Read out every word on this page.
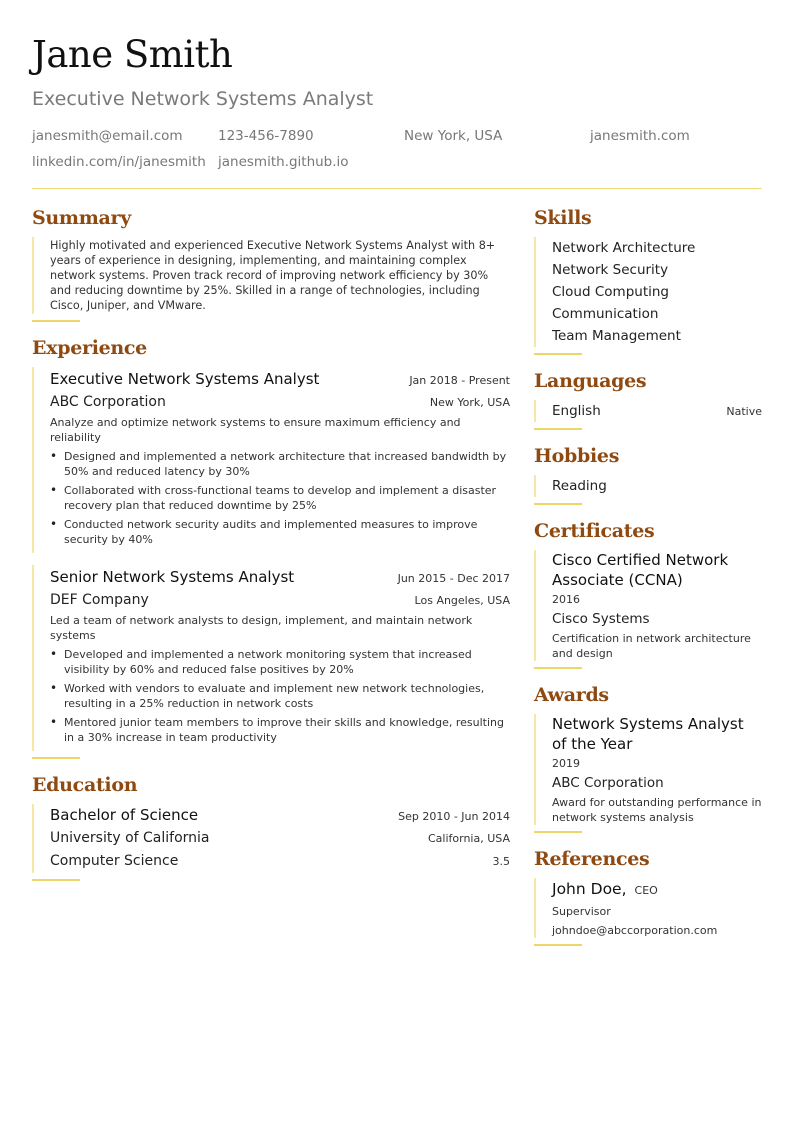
Jane Smith
Executive Network Systems Analyst
janesmith@email.com	123-456-7890	New York, USA	janesmith.com
linkedin.com/in/janesmith janesmith.github.io
Summary
Highly motivated and experienced Executive Network Systems Analyst with 8+ years of experience in designing, implementing, and maintaining complex network systems. Proven track record of improving network efficiency by 30% and reducing downtime by 25%. Skilled in a range of technologies, including Cisco, Juniper, and VMware.
Experience
Executive Network Systems Analyst	Jan 2018 - Present
ABC Corporation	New York, USA
Analyze and optimize network systems to ensure maximum efficiency and reliability
• Designed and implemented a network architecture that increased bandwidth by 50% and reduced latency by 30%
• Collaborated with cross-functional teams to develop and implement a disaster recovery plan that reduced downtime by 25%
• Conducted network security audits and implemented measures to improve security by 40%
Senior Network Systems Analyst	Jun 2015 - Dec 2017
DEF Company	Los Angeles, USA
Led a team of network analysts to design, implement, and maintain network systems
• Developed and implemented a network monitoring system that increased visibility by 60% and reduced false positives by 20%
• Worked with vendors to evaluate and implement new network technologies, resulting in a 25% reduction in network costs
• Mentored junior team members to improve their skills and knowledge, resulting in a 30% increase in team productivity
Education
Bachelor of Science	Sep 2010 - Jun 2014
University of California	California, USA
Computer Science	3.5
Skills
Network Architecture
Network Security
Cloud Computing
Communication
Team Management
Languages
English	Native
Hobbies
Reading
Certificates
Cisco Certified Network Associate (CCNA)
2016
Cisco Systems
Certification in network architecture and design
Awards
Network Systems Analyst of the Year
2019
ABC Corporation
Award for outstanding performance in network systems analysis
References
John Doe, CEO
Supervisor
johndoe@abccorporation.com
